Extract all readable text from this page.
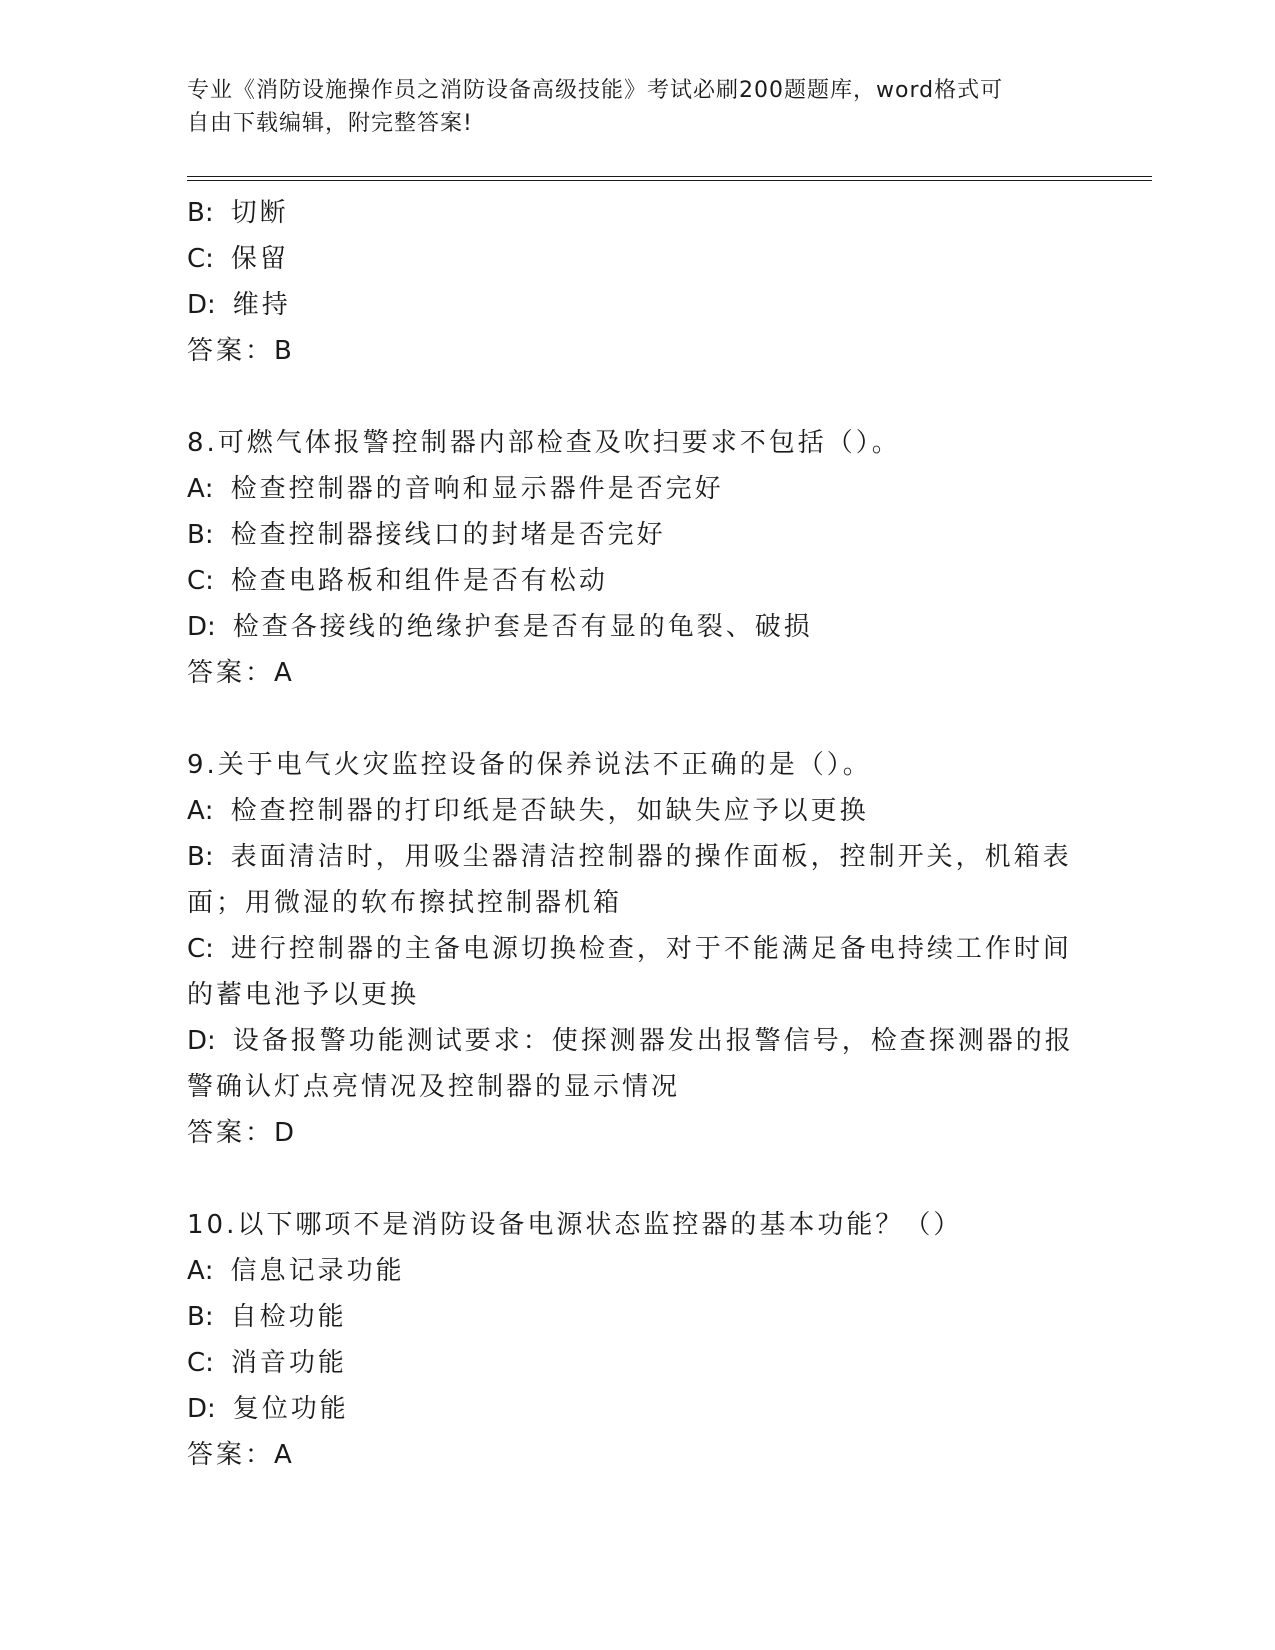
专业《消防设施操作员之消防设备高级技能》考试必刷200题题库，word格式可
自由下载编辑，附完整答案!

B: 切断

C: 保留

D: 维持

答案：B

8.可燃气体报警控制器内部检查及吹扫要求不包括（）。

A: 检查控制器的音响和显示器件是否完好

B: 检查控制器接线口的封堵是否完好

C: 检查电路板和组件是否有松动

D: 检查各接线的绝缘护套是否有显的龟裂、破损

答案：A

9.关于电气火灾监控设备的保养说法不正确的是（）。

A: 检查控制器的打印纸是否缺失，如缺失应予以更换

B: 表面清洁时，用吸尘器清洁控制器的操作面板，控制开关，机箱表面；用微湿的软布擦拭控制器机箱

C: 进行控制器的主备电源切换检查，对于不能满足备电持续工作时间的蓄电池予以更换

D: 设备报警功能测试要求：使探测器发出报警信号，检查探测器的报警确认灯点亮情况及控制器的显示情况

答案：D

10.以下哪项不是消防设备电源状态监控器的基本功能？（）

A: 信息记录功能

B: 自检功能

C: 消音功能

D: 复位功能

答案：A
